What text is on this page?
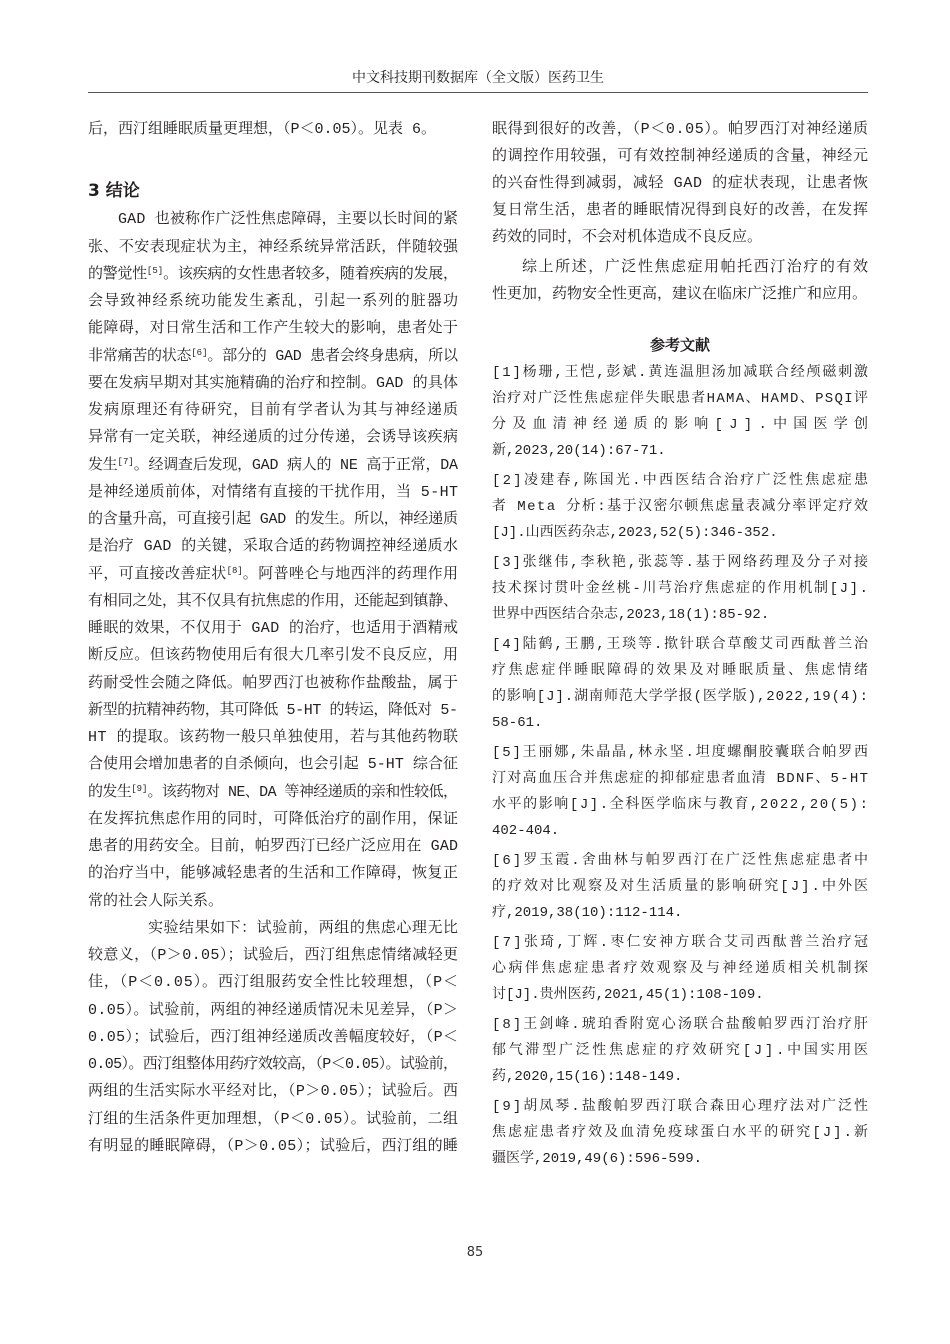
中文科技期刊数据库（全文版）医药卫生
后，西汀组睡眠质量更理想，（P＜0.05）。见表 6。
3 结论
GAD 也被称作广泛性焦虑障碍，主要以长时间的紧
张、不安表现症状为主，神经系统异常活跃，伴随较强
的警觉性[5]。该疾病的女性患者较多，随着疾病的发展，
会导致神经系统功能发生紊乱，引起一系列的脏器功
能障碍，对日常生活和工作产生较大的影响，患者处于
非常痛苦的状态[6]。部分的 GAD 患者会终身患病，所以
要在发病早期对其实施精确的治疗和控制。GAD 的具体
发病原理还有待研究，目前有学者认为其与神经递质
异常有一定关联，神经递质的过分传递，会诱导该疾病
发生[7]。经调查后发现，GAD 病人的 NE 高于正常，DA
是神经递质前体，对情绪有直接的干扰作用，当 5-HT
的含量升高，可直接引起 GAD 的发生。所以，神经递质
是治疗 GAD 的关键，采取合适的药物调控神经递质水
平，可直接改善症状[8]。阿普唑仑与地西泮的药理作用
有相同之处，其不仅具有抗焦虑的作用，还能起到镇静、
睡眠的效果，不仅用于 GAD 的治疗，也适用于酒精戒
断反应。但该药物使用后有很大几率引发不良反应，用
药耐受性会随之降低。帕罗西汀也被称作盐酸盐，属于
新型的抗精神药物，其可降低 5-HT 的转运，降低对 5-
HT 的提取。该药物一般只单独使用，若与其他药物联
合使用会增加患者的自杀倾向，也会引起 5-HT 综合征
的发生[9]。该药物对 NE、DA 等神经递质的亲和性较低，
在发挥抗焦虑作用的同时，可降低治疗的副作用，保证
患者的用药安全。目前，帕罗西汀已经广泛应用在 GAD
的治疗当中，能够减轻患者的生活和工作障碍，恢复正
常的社会人际关系。
实验结果如下：试验前，两组的焦虑心理无比
较意义，（P＞0.05）；试验后，西汀组焦虑情绪减轻更
佳，（P＜0.05）。西汀组服药安全性比较理想，（P＜
0.05）。试验前，两组的神经递质情况未见差异，（P＞
0.05）；试验后，西汀组神经递质改善幅度较好，（P＜
0.05）。西汀组整体用药疗效较高，（P＜0.05）。试验前，
两组的生活实际水平经对比，（P＞0.05）；试验后。西
汀组的生活条件更加理想，（P＜0.05）。试验前，二组
有明显的睡眠障碍，（P＞0.05）；试验后，西汀组的睡
眠得到很好的改善，（P＜0.05）。帕罗西汀对神经递质
的调控作用较强，可有效控制神经递质的含量，神经元
的兴奋性得到减弱，减轻 GAD 的症状表现，让患者恢
复日常生活，患者的睡眠情况得到良好的改善，在发挥
药效的同时，不会对机体造成不良反应。
综上所述，广泛性焦虑症用帕托西汀治疗的有效
性更加，药物安全性更高，建议在临床广泛推广和应用。
参考文献
[1]杨珊,王恺,彭斌.黄连温胆汤加减联合经颅磁刺激
治疗对广泛性焦虑症伴失眠患者HAMA、HAMD、PSQI评
分及血清神经递质的影响[J].中国医学创
新,2023,20(14):67-71.
[2]凌建春,陈国光.中西医结合治疗广泛性焦虑症患
者 Meta 分析:基于汉密尔顿焦虑量表减分率评定疗效
[J].山西医药杂志,2023,52(5):346-352.
[3]张继伟,李秋艳,张蕊等.基于网络药理及分子对接
技术探讨贯叶金丝桃-川芎治疗焦虑症的作用机制[J].
世界中西医结合杂志,2023,18(1):85-92.
[4]陆鹤,王鹏,王琰等.揿针联合草酸艾司西酞普兰治
疗焦虑症伴睡眠障碍的效果及对睡眠质量、焦虑情绪
的影响[J].湖南师范大学学报(医学版),2022,19(4):
58-61.
[5]王丽娜,朱晶晶,林永坚.坦度螺酮胶囊联合帕罗西
汀对高血压合并焦虑症的抑郁症患者血清 BDNF、5-HT
水平的影响[J].全科医学临床与教育,2022,20(5):
402-404.
[6]罗玉霞.舍曲林与帕罗西汀在广泛性焦虑症患者中
的疗效对比观察及对生活质量的影响研究[J].中外医
疗,2019,38(10):112-114.
[7]张琦,丁辉.枣仁安神方联合艾司西酞普兰治疗冠
心病伴焦虑症患者疗效观察及与神经递质相关机制探
讨[J].贵州医药,2021,45(1):108-109.
[8]王剑峰.琥珀香附宽心汤联合盐酸帕罗西汀治疗肝
郁气滞型广泛性焦虑症的疗效研究[J].中国实用医
药,2020,15(16):148-149.
[9]胡凤琴.盐酸帕罗西汀联合森田心理疗法对广泛性
焦虑症患者疗效及血清免疫球蛋白水平的研究[J].新
疆医学,2019,49(6):596-599.
85
